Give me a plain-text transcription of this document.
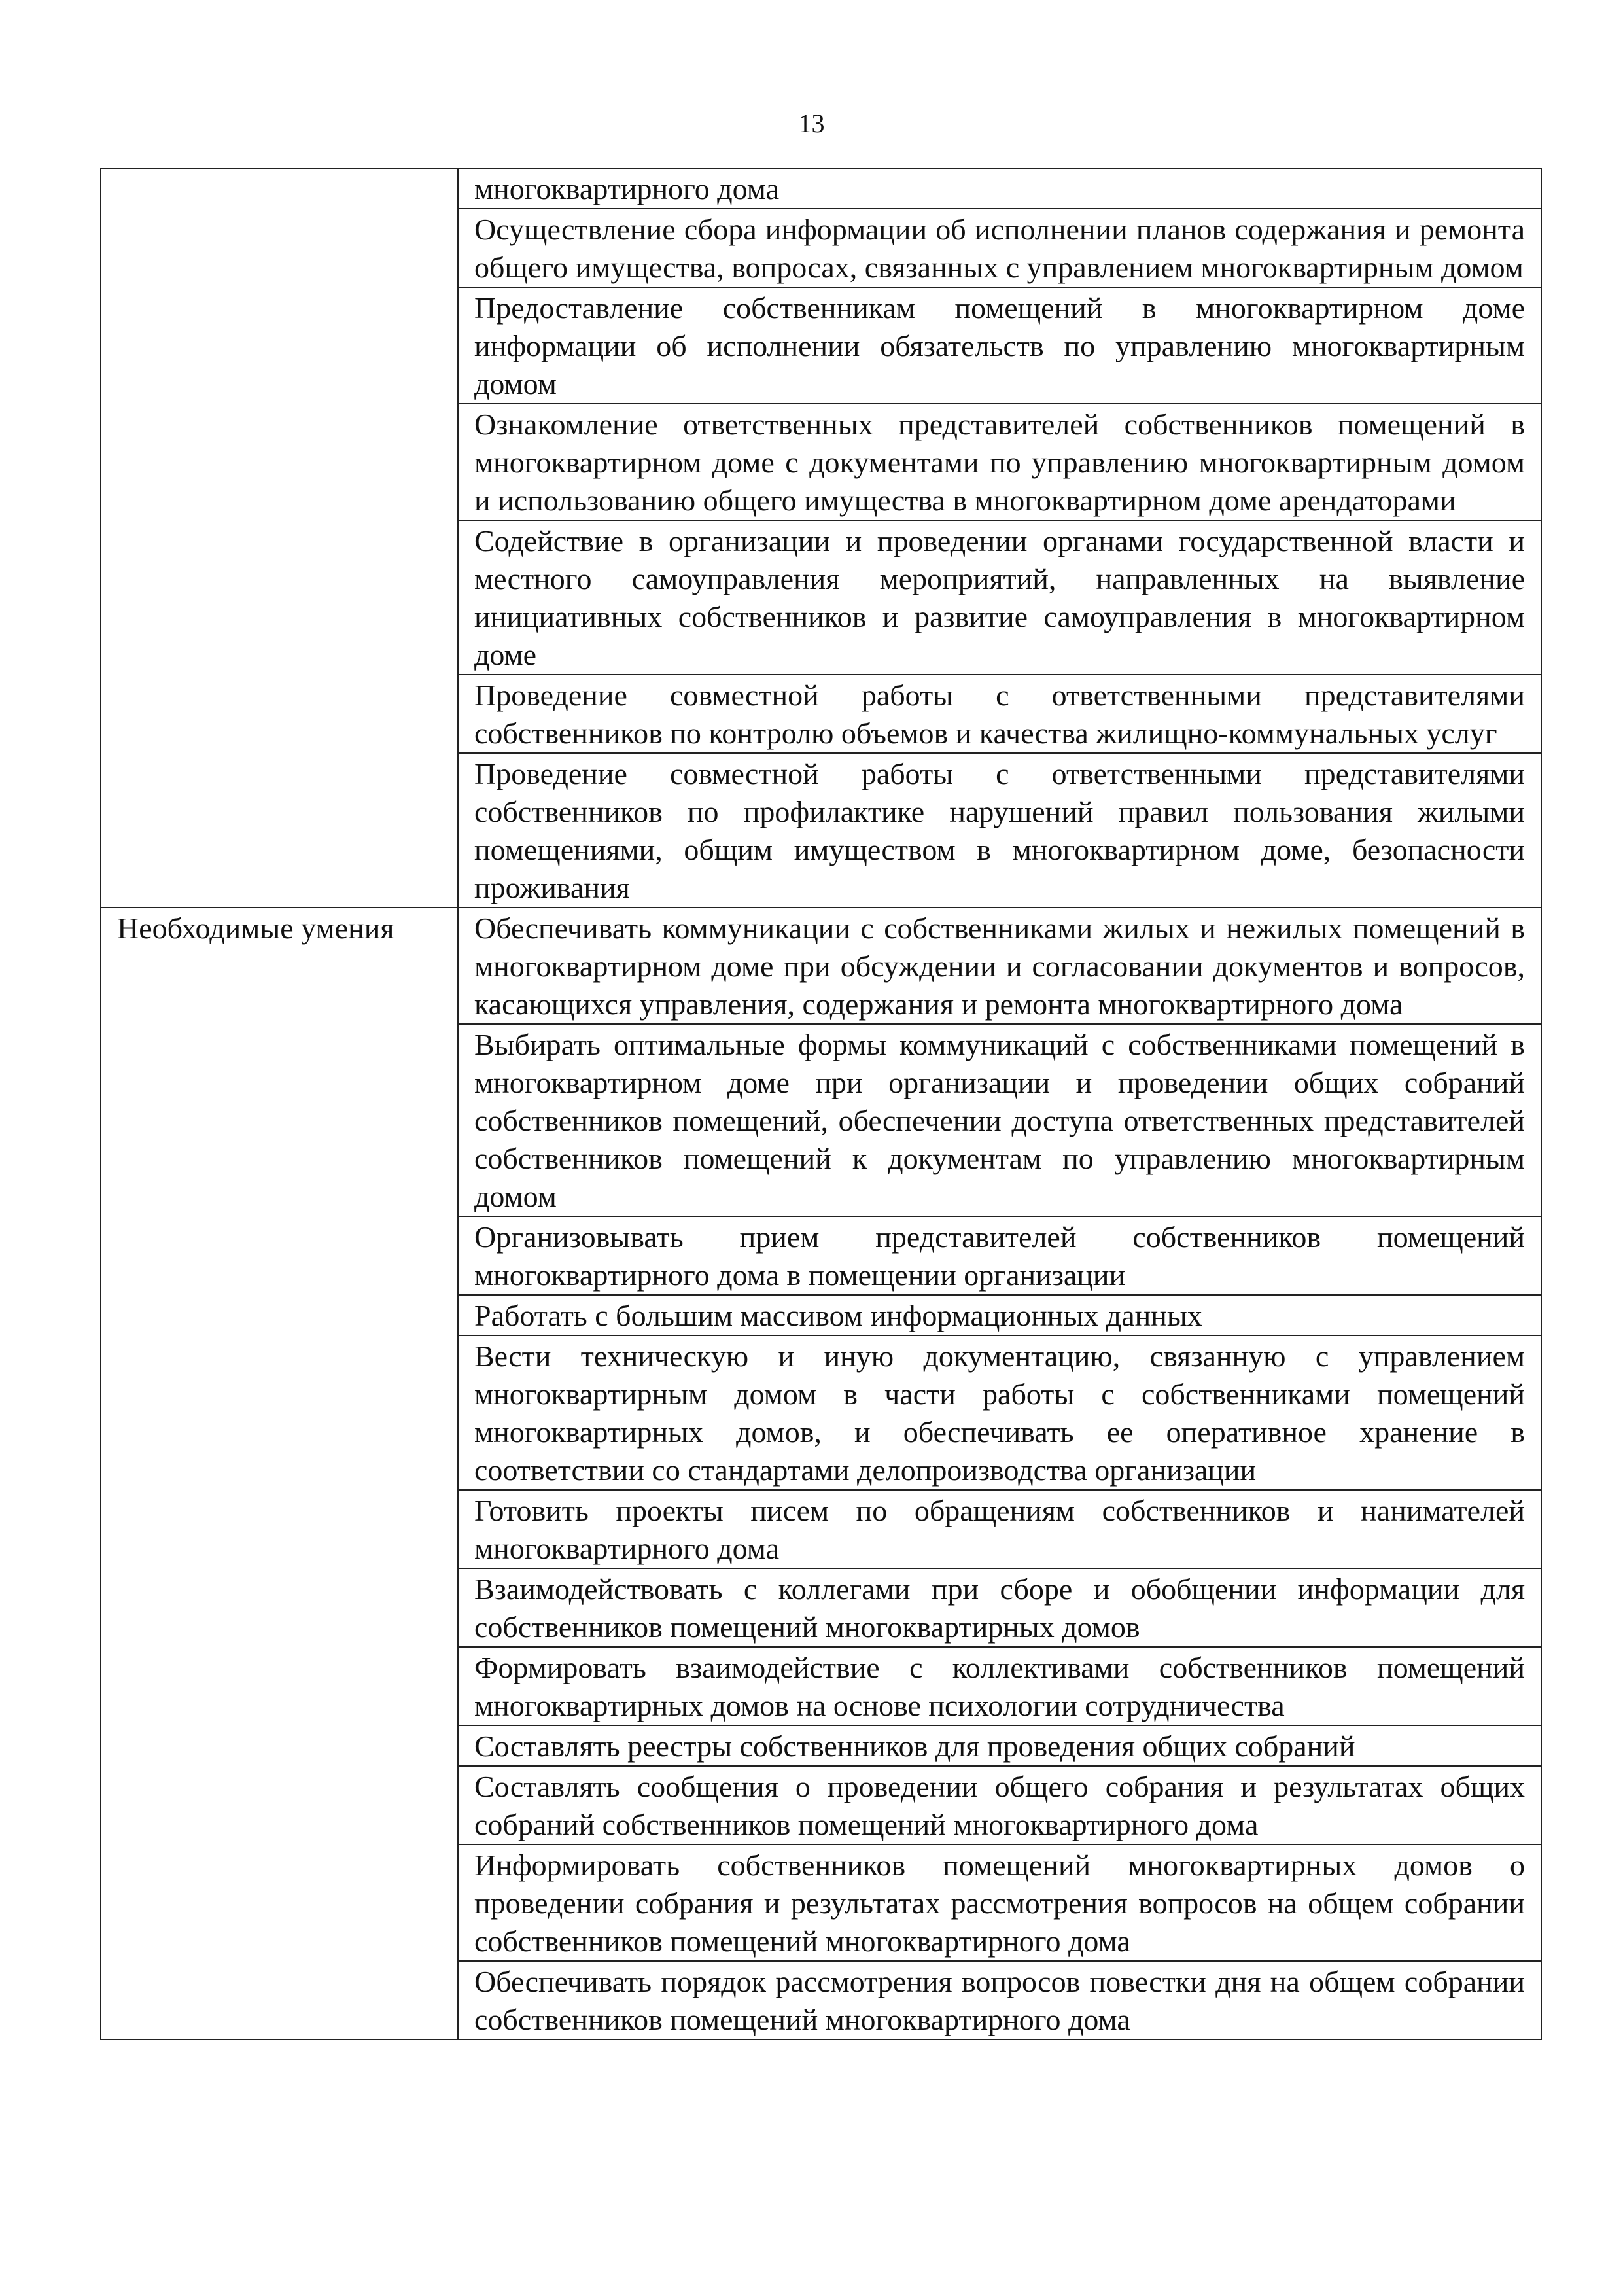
13
	многоквартирного дома
	Осуществление сбора информации об исполнении планов содержания и ремонта общего имущества, вопросах, связанных с управлением многоквартирным домом
	Предоставление собственникам помещений в многоквартирном доме информации об исполнении обязательств по управлению многоквартирным домом
	Ознакомление ответственных представителей собственников помещений в многоквартирном доме с документами по управлению многоквартирным домом и использованию общего имущества в многоквартирном доме арендаторами
	Содействие в организации и проведении органами государственной власти и местного самоуправления мероприятий, направленных на выявление инициативных собственников и развитие самоуправления в многоквартирном доме
	Проведение совместной работы с ответственными представителями собственников по контролю объемов и качества жилищно-коммунальных услуг
	Проведение совместной работы с ответственными представителями собственников по профилактике нарушений правил пользования жилыми помещениями, общим имуществом в многоквартирном доме, безопасности проживания
Необходимые умения	Обеспечивать коммуникации с собственниками жилых и нежилых помещений в многоквартирном доме при обсуждении и согласовании документов и вопросов, касающихся управления, содержания и ремонта многоквартирного дома
	Выбирать оптимальные формы коммуникаций с собственниками помещений в многоквартирном доме при организации и проведении общих собраний собственников помещений, обеспечении доступа ответственных представителей собственников помещений к документам по управлению многоквартирным домом
	Организовывать прием представителей собственников помещений многоквартирного дома в помещении организации
	Работать с большим массивом информационных данных
	Вести техническую и иную документацию, связанную с управлением многоквартирным домом в части работы с собственниками помещений многоквартирных домов, и обеспечивать ее оперативное хранение в соответствии со стандартами делопроизводства организации
	Готовить проекты писем по обращениям собственников и нанимателей многоквартирного дома
	Взаимодействовать с коллегами при сборе и обобщении информации для собственников помещений многоквартирных домов
	Формировать взаимодействие с коллективами собственников помещений многоквартирных домов на основе психологии сотрудничества
	Составлять реестры собственников для проведения общих собраний
	Составлять сообщения о проведении общего собрания и результатах общих собраний собственников помещений многоквартирного дома
	Информировать собственников помещений многоквартирных домов о проведении собрания и результатах рассмотрения вопросов на общем собрании собственников помещений многоквартирного дома
	Обеспечивать порядок рассмотрения вопросов повестки дня на общем собрании собственников помещений многоквартирного дома
